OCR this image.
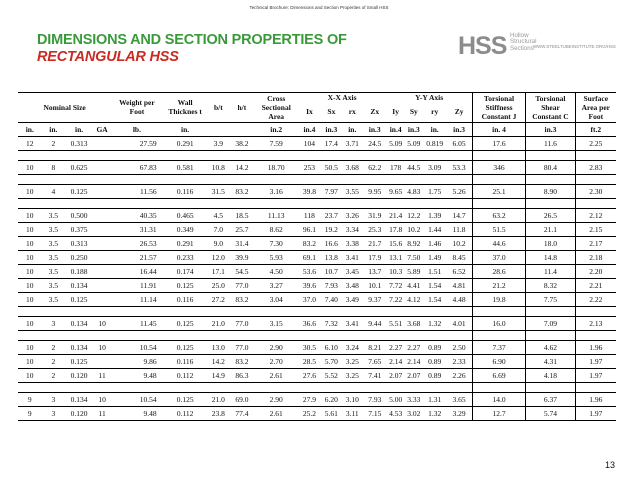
Technical Brochure: Dimensions and Section Properties of Small HSS
DIMENSIONS AND SECTION PROPERTIES OF
RECTANGULAR HSS	HSS Hollow
Structural
Sections WWW.STEELTUBEINSTITUTE.ORG/HSS
Nominal Size				Weight per Foot	Wall Thicknes t	b/t	h/t	Cross Sectional Area	X-X Axis				Y-Y Axis				Torsional Stiffness Constant J	Torsional Shear Constant C	Surface Area per Foot
									Ix	Sx	rx	Zx	Iy	Sy	ry	Zy			
in.	in.	in.	GA	lb.	in.			in.2	in.4	in.3	in.	in.3	in.4	in.3	in.	in.3	in. 4	in.3	ft.2
12	2	0.313		27.59	0.291	3.9	38.2	7.59	104	17.4	3.71	24.5	5.09	5.09	0.819	6.05	17.6	11.6	2.25

10	8	0.625		67.83	0.581	10.8	14.2	18.70	253	50.5	3.68	62.2	178	44.5	3.09	53.3	346	80.4	2.83

10	4	0.125		11.56	0.116	31.5	83.2	3.16	39.8	7.97	3.55	9.95	9.65	4.83	1.75	5.26	25.1	8.90	2.30

10	3.5	0.500		40.35	0.465	4.5	18.5	11.13	118	23.7	3.26	31.9	21.4	12.2	1.39	14.7	63.2	26.5	2.12
10	3.5	0.375		31.31	0.349	7.0	25.7	8.62	96.1	19.2	3.34	25.3	17.8	10.2	1.44	11.8	51.5	21.1	2.15
10	3.5	0.313		26.53	0.291	9.0	31.4	7.30	83.2	16.6	3.38	21.7	15.6	8.92	1.46	10.2	44.6	18.0	2.17
10	3.5	0.250		21.57	0.233	12.0	39.9	5.93	69.1	13.8	3.41	17.9	13.1	7.50	1.49	8.45	37.0	14.8	2.18
10	3.5	0.188		16.44	0.174	17.1	54.5	4.50	53.6	10.7	3.45	13.7	10.3	5.89	1.51	6.52	28.6	11.4	2.20
10	3.5	0.134		11.91	0.125	25.0	77.0	3.27	39.6	7.93	3.48	10.1	7.72	4.41	1.54	4.81	21.2	8.32	2.21
10	3.5	0.125		11.14	0.116	27.2	83.2	3.04	37.0	7.40	3.49	9.37	7.22	4.12	1.54	4.48	19.8	7.75	2.22

10	3	0.134	10	11.45	0.125	21.0	77.0	3.15	36.6	7.32	3.41	9.44	5.51	3.68	1.32	4.01	16.0	7.09	2.13

10	2	0.134	10	10.54	0.125	13.0	77.0	2.90	30.5	6.10	3.24	8.21	2.27	2.27	0.89	2.50	7.37	4.62	1.96
10	2	0.125		9.86	0.116	14.2	83.2	2.70	28.5	5.70	3.25	7.65	2.14	2.14	0.89	2.33	6.90	4.31	1.97
10	2	0.120	11	9.48	0.112	14.9	86.3	2.61	27.6	5.52	3.25	7.41	2.07	2.07	0.89	2.26	6.69	4.18	1.97

9	3	0.134	10	10.54	0.125	21.0	69.0	2.90	27.9	6.20	3.10	7.93	5.00	3.33	1.31	3.65	14.0	6.37	1.96
9	3	0.120	11	9.48	0.112	23.8	77.4	2.61	25.2	5.61	3.11	7.15	4.53	3.02	1.32	3.29	12.7	5.74	1.97
13
